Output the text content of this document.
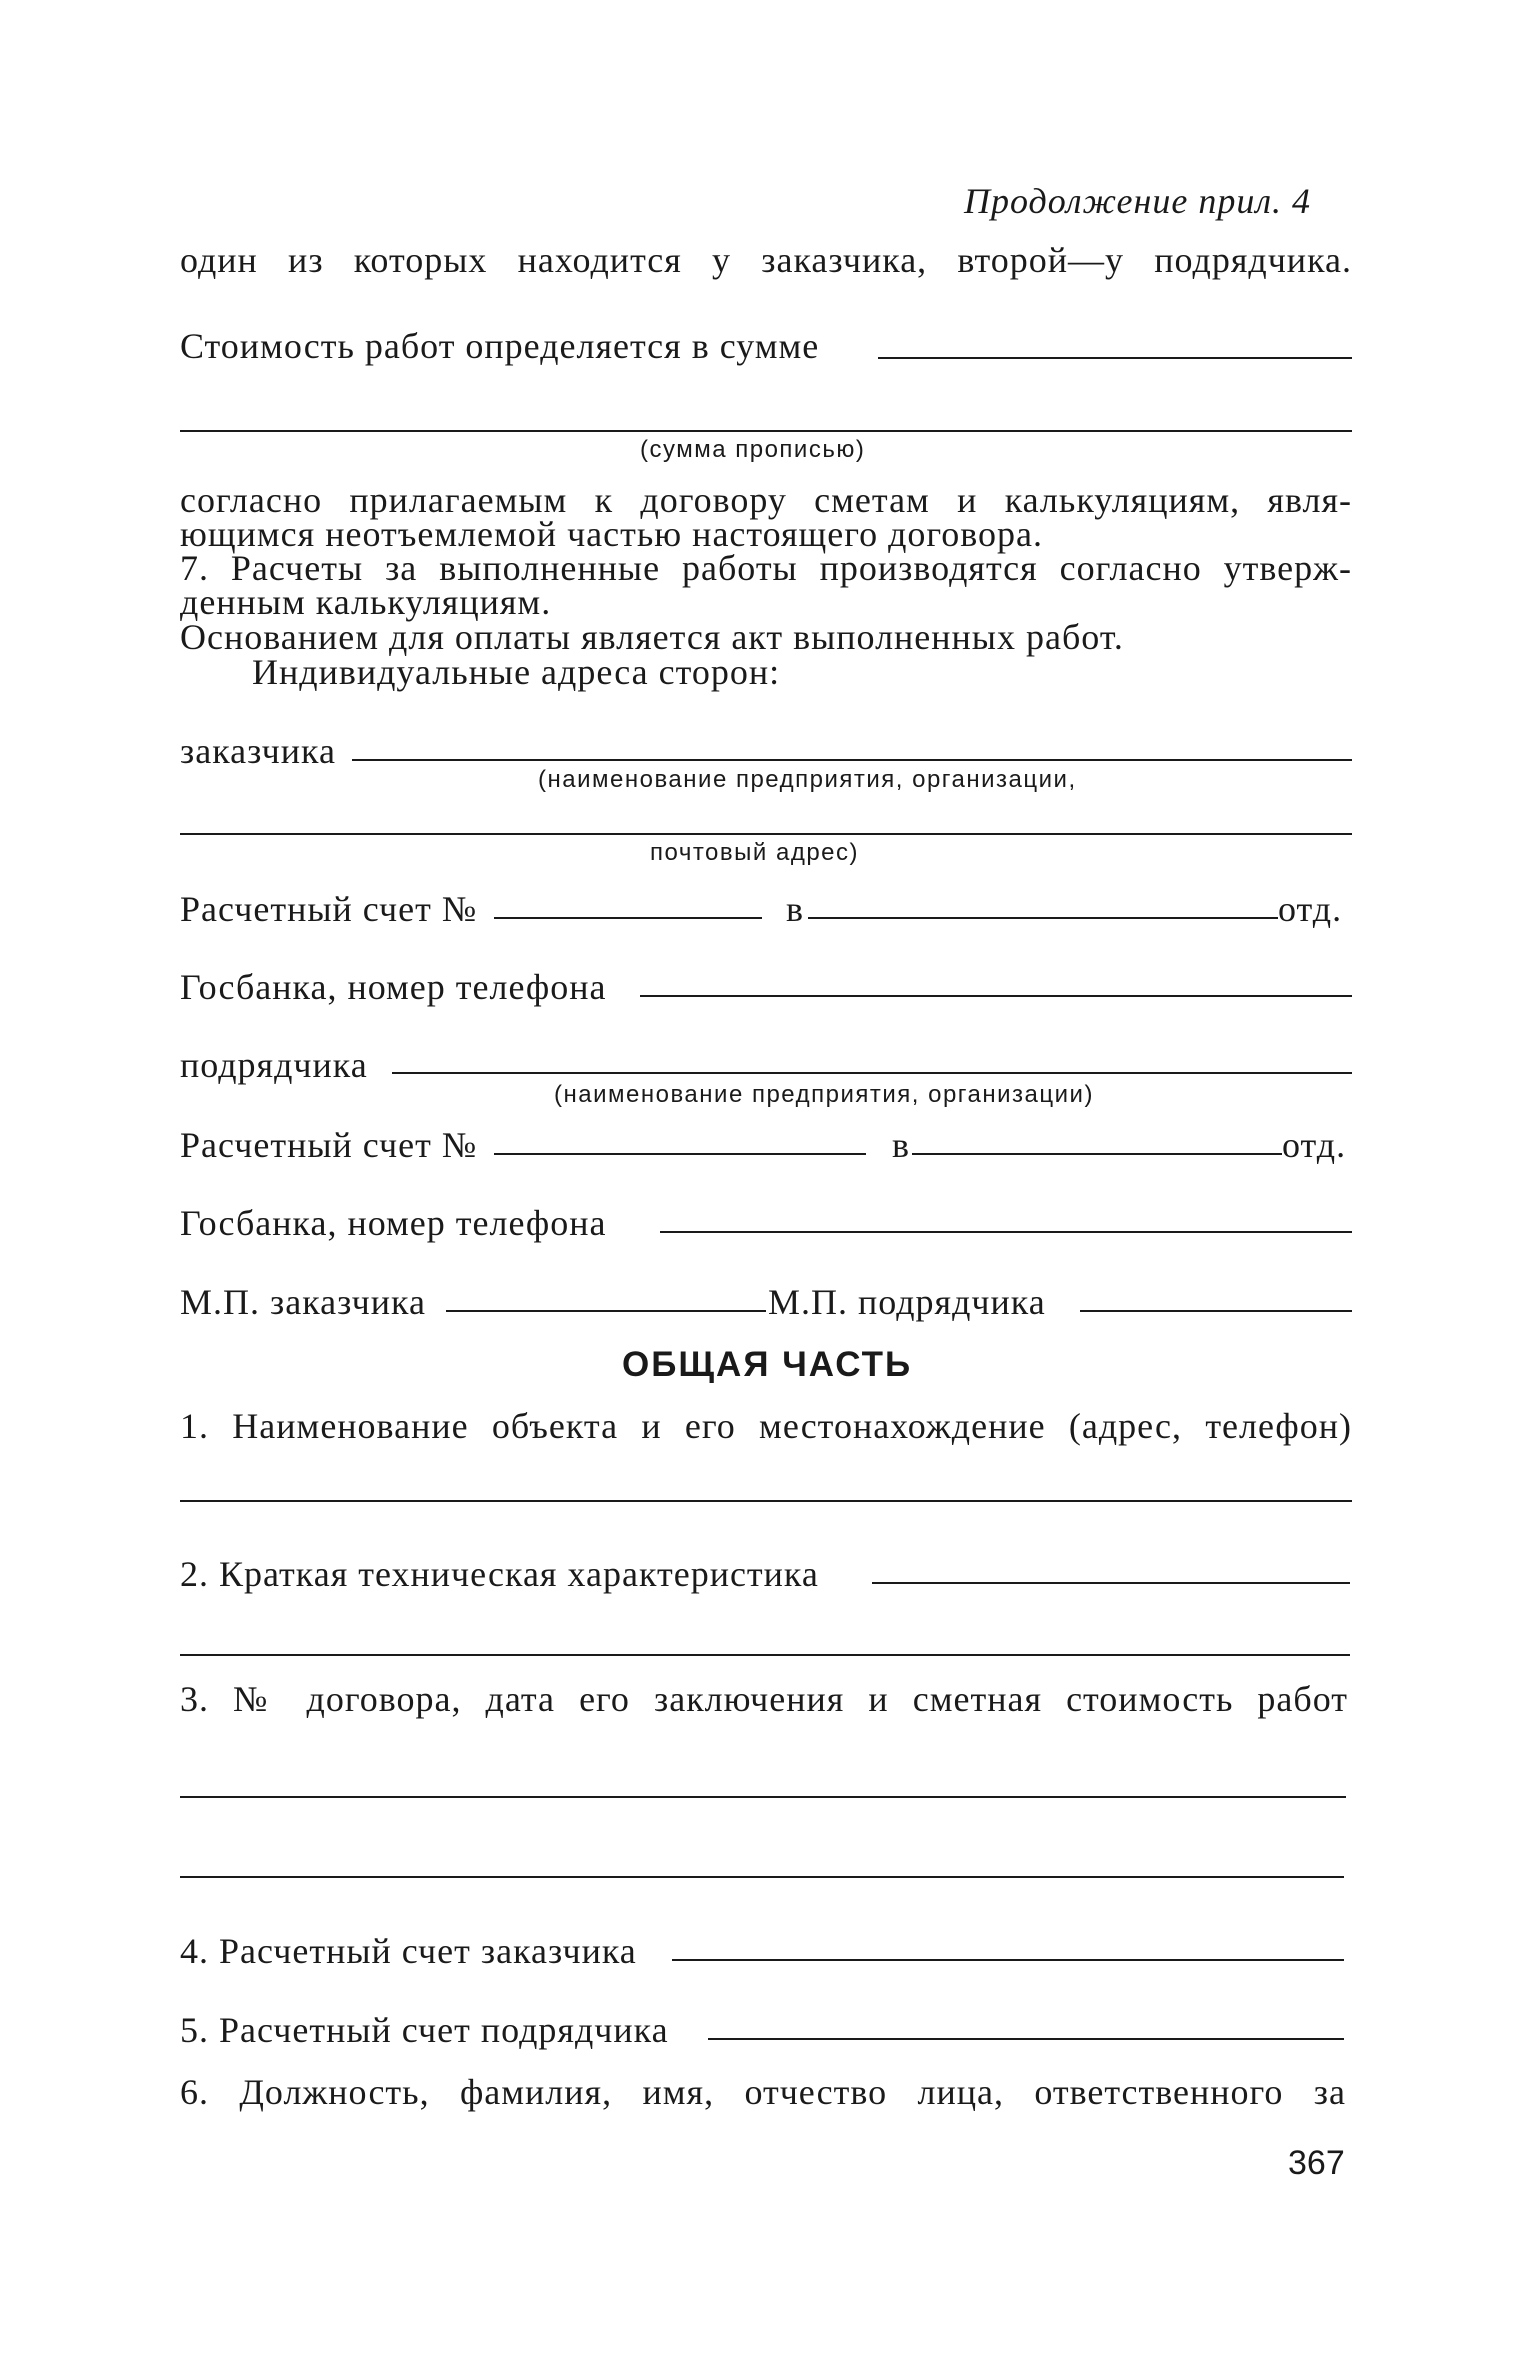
Продолжение прил. 4
один из которых находится у заказчика, второй—у подрядчика.
Стоимость работ определяется в сумме
(сумма прописью)
согласно прилагаемым к договору сметам и калькуляциям, явля-
ющимся неотъемлемой частью настоящего договора.
7. Расчеты за выполненные работы производятся согласно утверж-
денным калькуляциям.
Основанием для оплаты является акт выполненных работ.
Индивидуальные адреса сторон:
заказчика
(наименование предприятия, организации,
почтовый адрес)
Расчетный счет №	в	отд.
Госбанка, номер телефона
подрядчика
(наименование предприятия, организации)
Расчетный счет №	в	отд.
Госбанка, номер телефона
М.П. заказчика	М.П. подрядчика
ОБЩАЯ ЧАСТЬ
1. Наименование объекта и его местонахождение (адрес, телефон)
2. Краткая техническая характеристика
3. № договора, дата его заключения и сметная стоимость работ
4. Расчетный счет заказчика
5. Расчетный счет подрядчика
6. Должность, фамилия, имя, отчество лица, ответственного за
367
